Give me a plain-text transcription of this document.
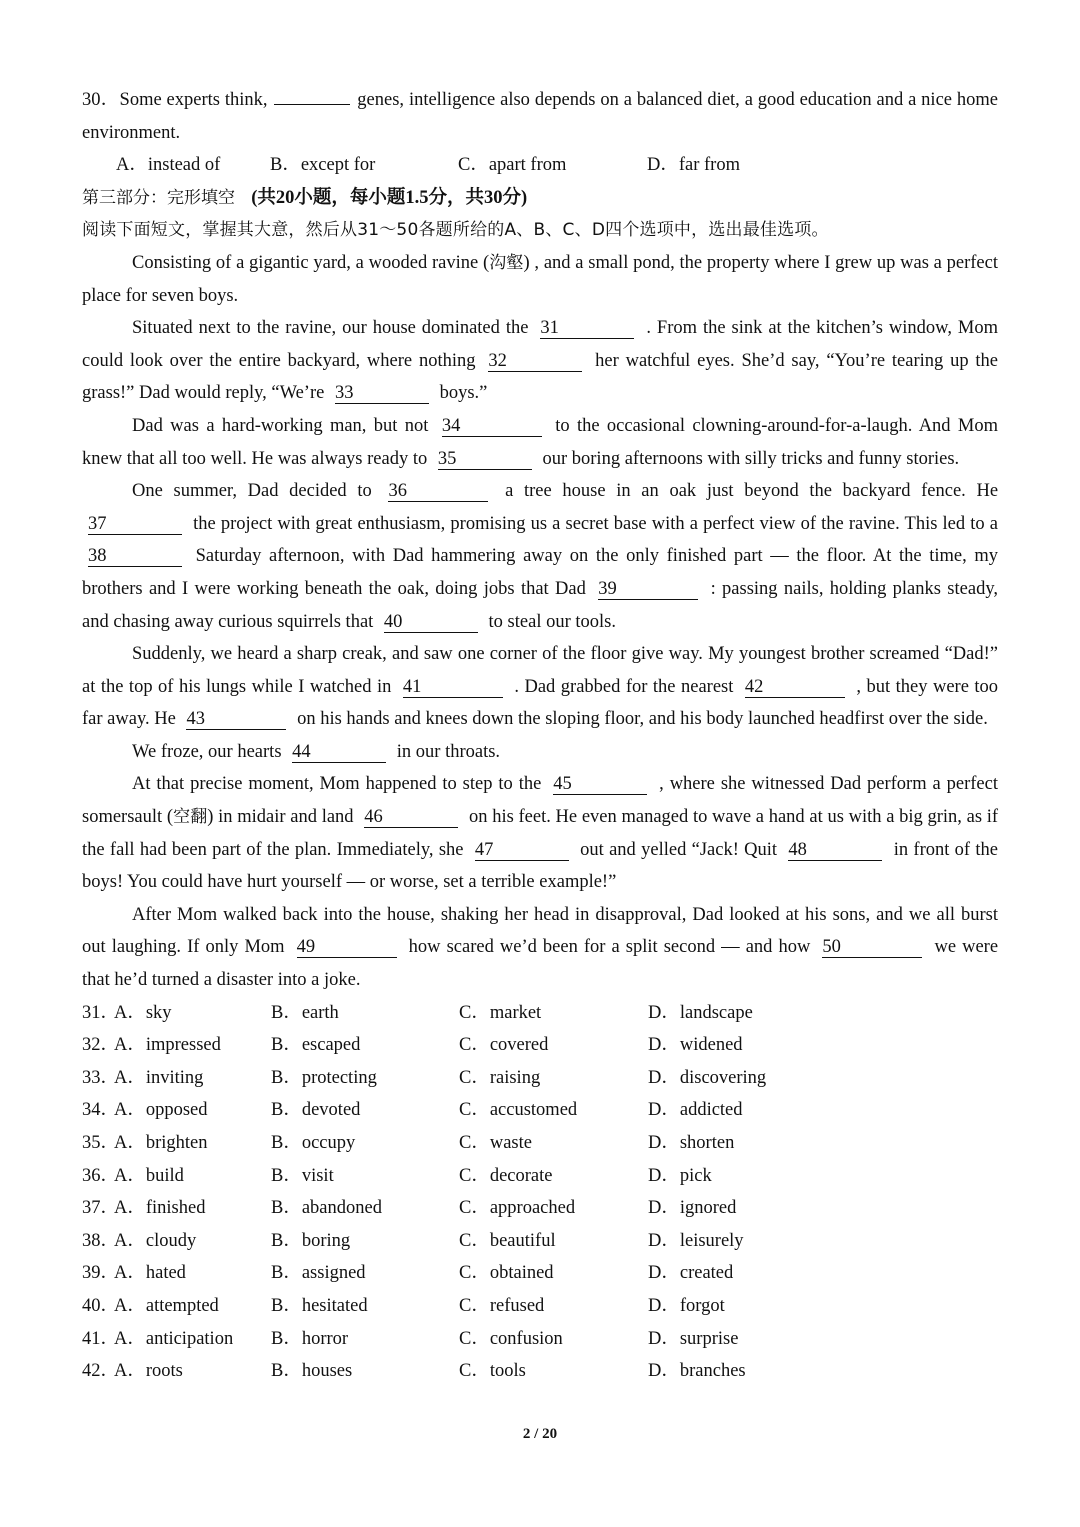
30．Some experts think,	genes, intelligence also depends on a balanced diet, a good education and a nice home environment.

A．instead of	B．except for	C．apart from	D．far from

第三部分：完形填空 (共20小题，每小题1.5分，共30分)

阅读下面短文，掌握其大意，然后从31～50各题所给的A、B、C、D四个选项中，选出最佳选项。

Consisting of a gigantic yard, a wooded ravine (沟壑) , and a small pond, the property where I grew up was a perfect place for seven boys.

Situated next to the ravine, our house dominated the 31	. From the sink at the kitchen’s window, Mom could look over the entire backyard, where nothing 32	her watchful eyes. She’d say, “You’re tearing up the grass!” Dad would reply, “We’re 33	boys.”

Dad was a hard-working man, but not 34	to the occasional clowning-around-for-a-laugh. And Mom knew that all too well. He was always ready to 35	our boring afternoons with silly tricks and funny stories.

One summer, Dad decided to 36	a tree house in an oak just beyond the backyard fence. He 37	the project with great enthusiasm, promising us a secret base with a perfect view of the ravine. This led to a 38	Saturday afternoon, with Dad hammering away on the only finished part — the floor. At the time, my brothers and I were working beneath the oak, doing jobs that Dad 39	: passing nails, holding planks steady, and chasing away curious squirrels that 40	to steal our tools.

Suddenly, we heard a sharp creak, and saw one corner of the floor give way. My youngest brother screamed “Dad!” at the top of his lungs while I watched in 41	. Dad grabbed for the nearest 42	, but they were too far away. He 43	on his hands and knees down the sloping floor, and his body launched headfirst over the side.

We froze, our hearts 44	in our throats.

At that precise moment, Mom happened to step to the 45	, where she witnessed Dad perform a perfect somersault (空翻) in midair and land 46	on his feet. He even managed to wave a hand at us with a big grin, as if the fall had been part of the plan. Immediately, she 47	out and yelled “Jack! Quit 48	in front of the boys! You could have hurt yourself — or worse, set a terrible example!”

After Mom walked back into the house, shaking her head in disapproval, Dad looked at his sons, and we all burst out laughing. If only Mom 49	how scared we’d been for a split second — and how 50	we were that he’d turned a disaster into a joke.

31．
A．sky	B．earth	C．market	D．landscape
32．
A．impressed	B．escaped	C．covered	D．widened
33．
A．inviting	B．protecting	C．raising	D．discovering
34．
A．opposed	B．devoted	C．accustomed	D．addicted
35．
A．brighten	B．occupy	C．waste	D．shorten
36．
A．build	B．visit	C．decorate	D．pick
37．
A．finished	B．abandoned	C．approached	D．ignored
38．
A．cloudy	B．boring	C．beautiful	D．leisurely
39．
A．hated	B．assigned	C．obtained	D．created
40．
A．attempted	B．hesitated	C．refused	D．forgot
41．
A．anticipation	B．horror	C．confusion	D．surprise
42．
A．roots	B．houses	C．tools	D．branches
2 / 20
